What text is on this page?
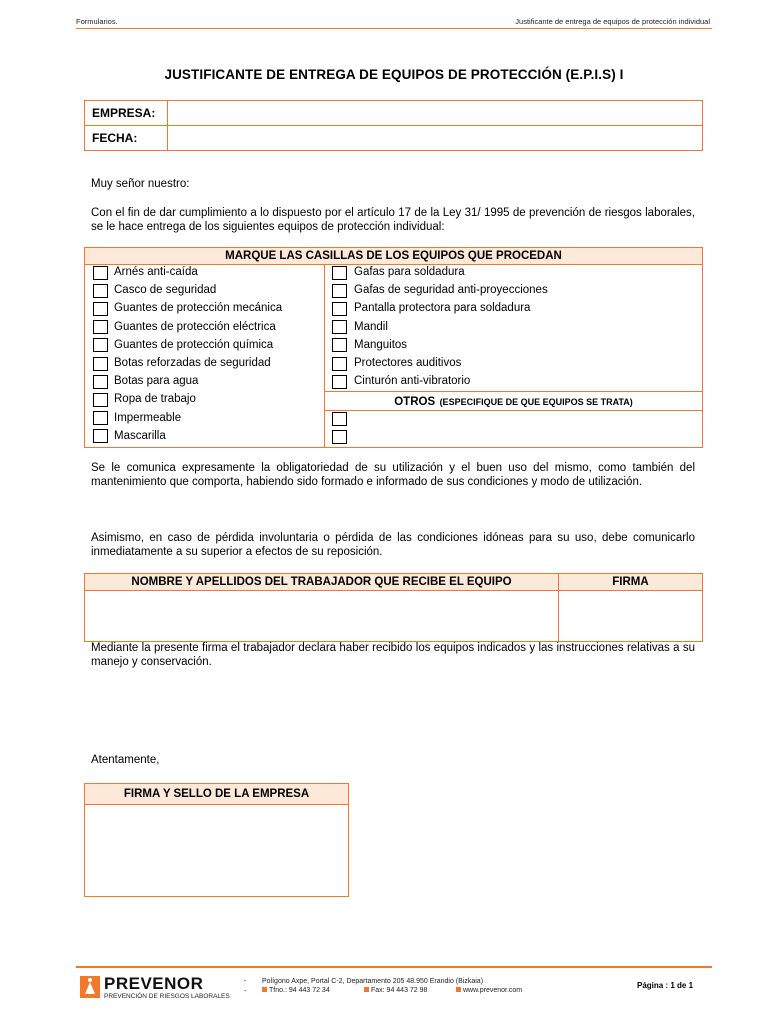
Formularios.	Justificante de entrega de equipos de protección individual
JUSTIFICANTE DE ENTREGA DE EQUIPOS DE PROTECCIÓN (E.P.I.S) I
EMPRESA:
FECHA:
Muy señor nuestro:
Con el fin de dar cumplimiento a lo dispuesto por el artículo 17 de la Ley 31/ 1995 de prevención de riesgos laborales, se le hace entrega de los siguientes equipos de protección individual:
MARQUE LAS CASILLAS DE LOS EQUIPOS QUE PROCEDAN
OTROS (ESPECIFIQUE DE QUE EQUIPOS SE TRATA)
Arnés anti-caída
Casco de seguridad
Guantes de protección mecánica
Guantes de protección eléctrica
Guantes de protección química
Botas reforzadas de seguridad
Botas para agua
Ropa de trabajo
Impermeable
Mascarilla
Gafas para soldadura
Gafas de seguridad anti-proyecciones
Pantalla protectora para soldadura
Mandil
Manguitos
Protectores auditivos
Cinturón anti-vibratorio
Se le comunica expresamente la obligatoriedad de su utilización y el buen uso del mismo, como también del mantenimiento que comporta, habiendo sido formado e informado de sus condiciones y modo de utilización.
Asimismo, en caso de pérdida involuntaria o pérdida de las condiciones idóneas para su uso, debe comunicarlo inmediatamente a su superior a efectos de su reposición.
NOMBRE Y APELLIDOS DEL TRABAJADOR QUE RECIBE EL EQUIPO	FIRMA
Mediante la presente firma el trabajador declara haber recibido los equipos indicados y las instrucciones relativas a su manejo y conservación.
Atentamente,
FIRMA Y SELLO DE LA EMPRESA
PREVENOR
PREVENCIÓN DE RIESGOS LABORALES
-
-
Polígono Axpe, Portal C-2, Departamento 205 48.950 Erandio (Bizkaia)
Tfno.: 94 443 72 34	Fax: 94 443 72 98	www.prevenor.com
Página : 1 de 1
